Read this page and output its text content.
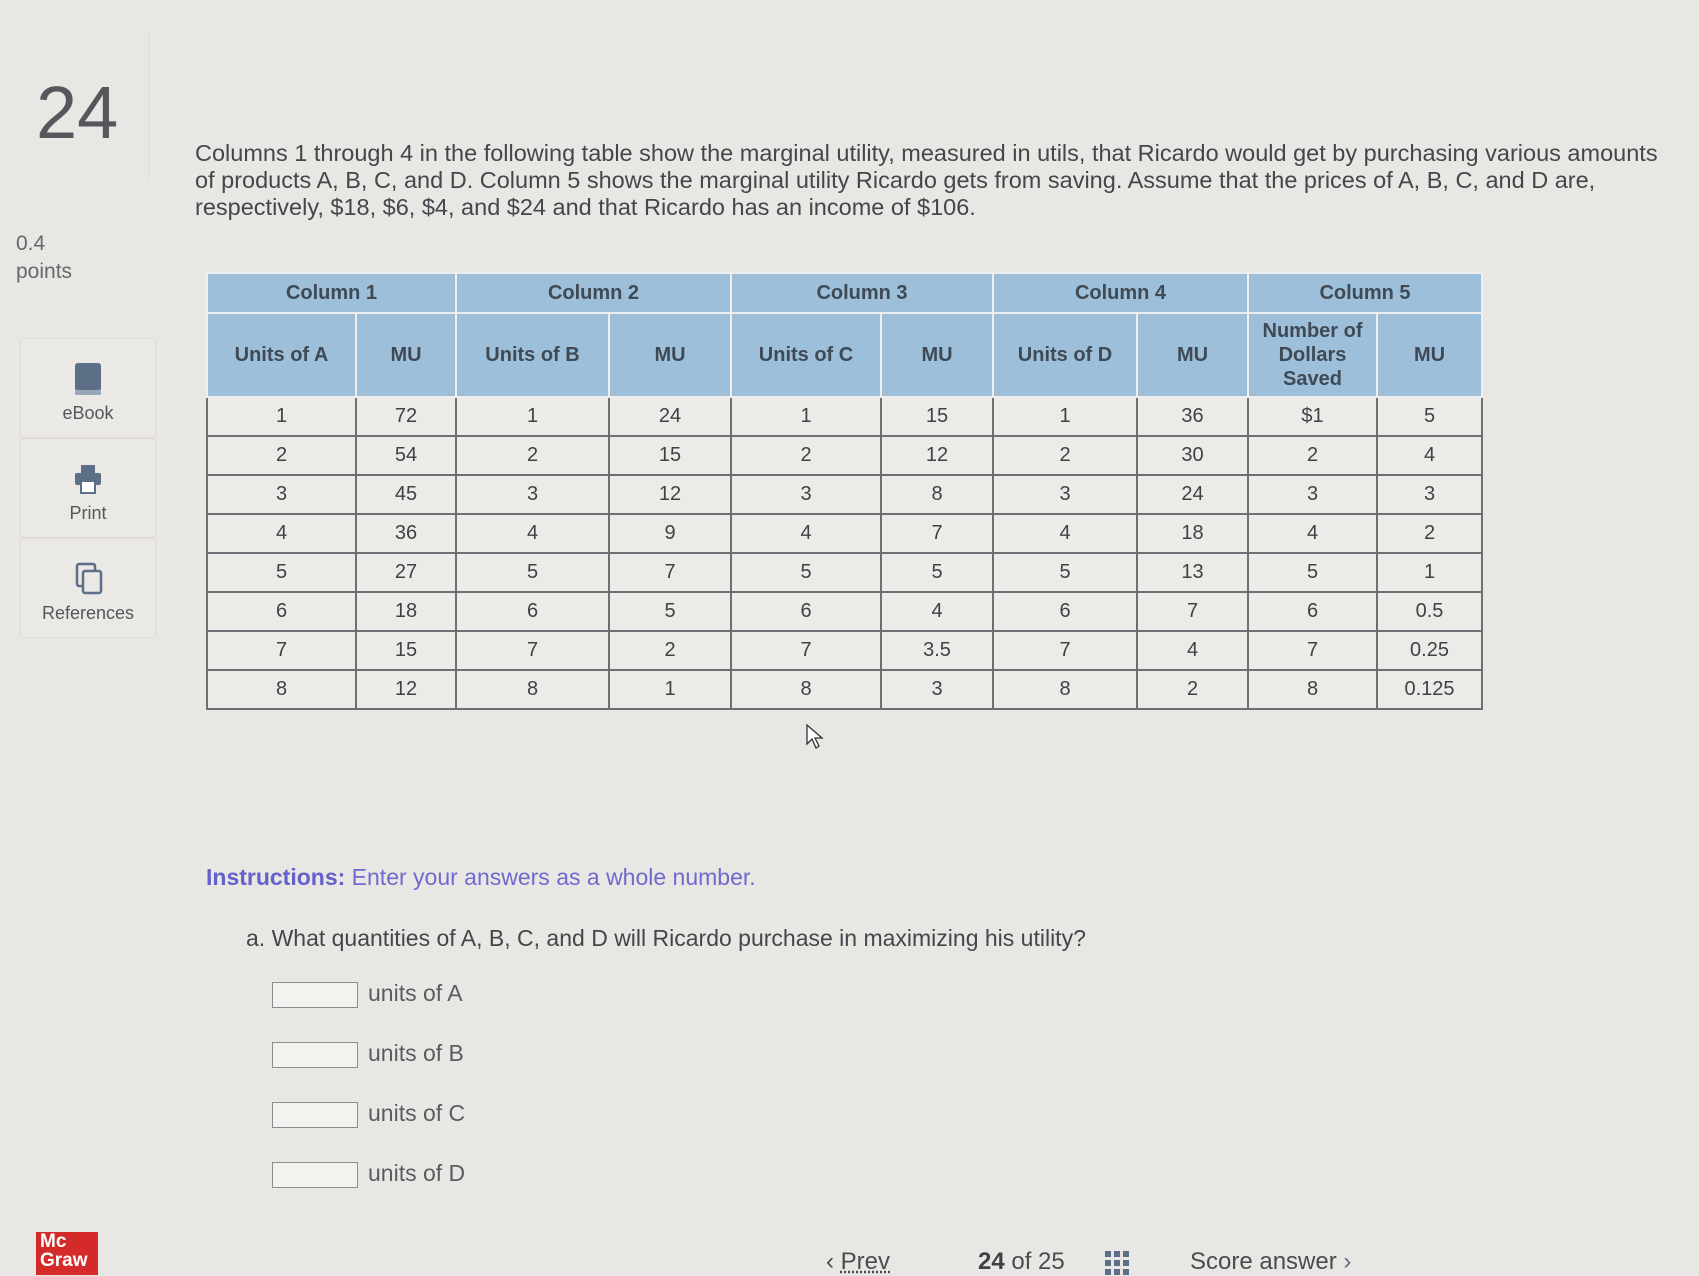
24
0.4
points
eBook
Print
References
Columns 1 through 4 in the following table show the marginal utility, measured in utils, that Ricardo would get by purchasing various amounts of products A, B, C, and D. Column 5 shows the marginal utility Ricardo gets from saving. Assume that the prices of A, B, C, and D are, respectively, $18, $6, $4, and $24 and that Ricardo has an income of $106.
Column 1		Column 2		Column 3		Column 4		Column 5	
Units of A	MU	Units of B	MU	Units of C	MU	Units of D	MU	Number of Dollars Saved	MU
1	72	1	24	1	15	1	36	$1	5
2	54	2	15	2	12	2	30	2	4
3	45	3	12	3	8	3	24	3	3
4	36	4	9	4	7	4	18	4	2
5	27	5	7	5	5	5	13	5	1
6	18	6	5	6	4	6	7	6	0.5
7	15	7	2	7	3.5	7	4	7	0.25
8	12	8	1	8	3	8	2	8	0.125
Instructions: Enter your answers as a whole number.
a. What quantities of A, B, C, and D will Ricardo purchase in maximizing his utility?
units of A
units of B
units of C
units of D
Mc
Graw	‹ Prev	24 of 25	Score answer ›
